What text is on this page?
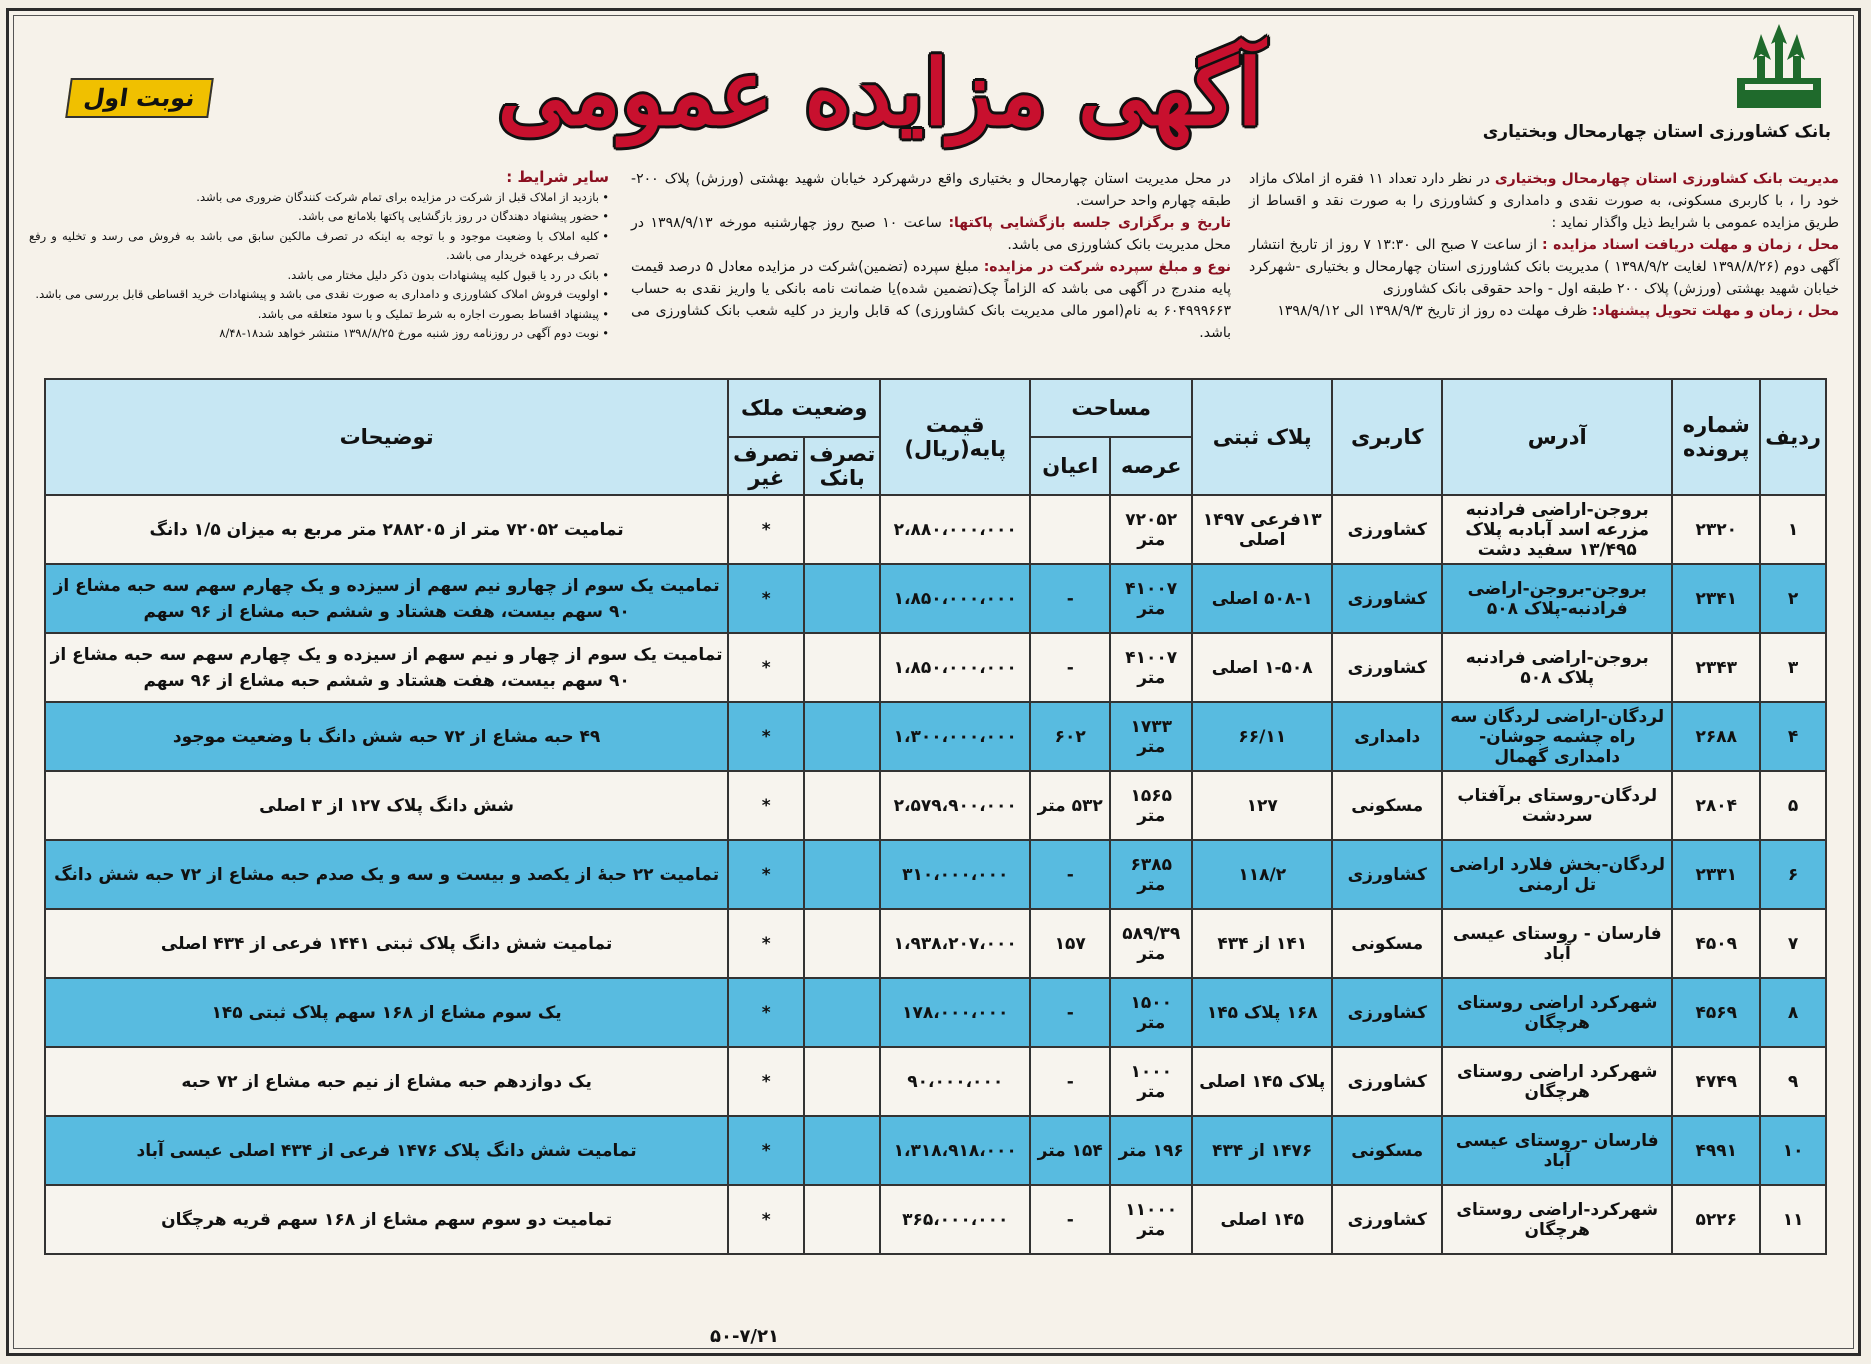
بانک کشاورزی استان چهارمحال وبختیاری
آگهی مزایده عمومی
نوبت اول
مدیریت بانک کشاورزی استان چهارمحال وبختیاری در نظر دارد تعداد ۱۱ فقره از املاک مازاد خود را ، با کاربری مسکونی، به صورت نقدی و دامداری و کشاورزی را به صورت نقد و اقساط از طریق مزایده عمومی با شرایط ذیل واگذار نماید :
محل ، زمان و مهلت دریافت اسناد مزایده : از ساعت ۷ صبح الی ۱۳:۳۰ ۷ روز از تاریخ انتشار آگهی دوم (۱۳۹۸/۸/۲۶ لغایت ۱۳۹۸/۹/۲ ) مدیریت بانک کشاورزی استان چهارمحال و بختیاری -شهرکرد خیابان شهید بهشتی (ورزش) پلاک ۲۰۰ طبقه اول - واحد حقوقی بانک کشاورزی
محل ، زمان و مهلت تحویل پیشنهاد: ظرف مهلت ده روز از تاریخ ۱۳۹۸/۹/۳ الی ۱۳۹۸/۹/۱۲
در محل مدیریت استان چهارمحال و بختیاری واقع درشهرکرد خیابان شهید بهشتی (ورزش) پلاک ۲۰۰- طبقه چهارم واحد حراست.
تاریخ و برگزاری جلسه بازگشایی پاکتها: ساعت ۱۰ صبح روز چهارشنبه مورخه ۱۳۹۸/۹/۱۳ در محل مدیریت بانک کشاورزی می باشد.
نوع و مبلغ سپرده شرکت در مزایده: مبلغ سپرده (تضمین)شرکت در مزایده معادل ۵ درصد قیمت پایه مندرج در آگهی می باشد که الزاماً چک(تضمین شده)یا ضمانت نامه بانکی یا واریز نقدی به حساب ۶۰۴۹۹۹۶۶۳ به نام(امور مالی مدیریت بانک کشاورزی) که قابل واریز در کلیه شعب بانک کشاورزی می باشد.
سایر شرایط :
• بازدید از املاک قبل از شرکت در مزایده برای تمام شرکت کنندگان ضروری می باشد.
• حضور پیشنهاد دهندگان در روز بازگشایی پاکتها بلامانع می باشد.
• کلیه املاک با وضعیت موجود و با توجه به اینکه در تصرف مالکین سابق می باشد به فروش می رسد و تخلیه و رفع تصرف برعهده خریدار می باشد.
• بانک در رد یا قبول کلیه پیشنهادات بدون ذکر دلیل مختار می باشد.
• اولویت فروش املاک کشاورزی و دامداری به صورت نقدی می باشد و پیشنهادات خرید اقساطی قابل بررسی می باشد.
• پیشنهاد اقساط بصورت اجاره به شرط تملیک و با سود متعلقه می باشد.
• نوبت دوم آگهی در روزنامه روز شنبه مورخ ۱۳۹۸/۸/۲۵ منتشر خواهد شد۱۸-۸/۴۸
ردیف	شماره پرونده	آدرس	کاربری	پلاک ثبتی	مساحت		قیمت پایه(ریال)	وضعیت ملک		توضیحات
					عرصه	اعیان		تصرف بانک	تصرف غیر	
۱	۲۳۲۰	بروجن-اراضی فرادنبه مزرعه اسد آبادبه پلاک ۱۳/۴۹۵ سفید دشت	کشاورزی	۱۳فرعی ۱۴۹۷ اصلی	۷۲۰۵۲ متر		۲،۸۸۰،۰۰۰،۰۰۰		*	تمامیت ۷۲۰۵۲ متر از ۲۸۸۲۰۵ متر مربع به میزان ۱/۵ دانگ
۲	۲۳۴۱	بروجن-بروجن-اراضی فرادنبه-پلاک ۵۰۸	کشاورزی	۵۰۸-۱ اصلی	۴۱۰۰۷ متر	-	۱،۸۵۰،۰۰۰،۰۰۰		*	تمامیت یک سوم از چهارو نیم سهم از سیزده و یک چهارم سهم سه حبه مشاع از ۹۰ سهم بیست، هفت هشتاد و ششم حبه مشاع از ۹۶ سهم
۳	۲۳۴۳	بروجن-اراضی فرادنبه پلاک ۵۰۸	کشاورزی	۱-۵۰۸ اصلی	۴۱۰۰۷ متر	-	۱،۸۵۰،۰۰۰،۰۰۰		*	تمامیت یک سوم از چهار و نیم سهم از سیزده و یک چهارم سهم سه حبه مشاع از ۹۰ سهم بیست، هفت هشتاد و ششم حبه مشاع از ۹۶ سهم
۴	۲۶۸۸	لردگان-اراضی لردگان سه راه چشمه جوشان-دامداری گهمال	دامداری	۶۶/۱۱	۱۷۳۳ متر	۶۰۲	۱،۳۰۰،۰۰۰،۰۰۰		*	۴۹ حبه مشاع از ۷۲ حبه شش دانگ با وضعیت موجود
۵	۲۸۰۴	لردگان-روستای برآفتاب سردشت	مسکونی	۱۲۷	۱۵۶۵ متر	۵۳۲ متر	۲،۵۷۹،۹۰۰،۰۰۰		*	شش دانگ پلاک ۱۲۷ از ۳ اصلی
۶	۲۳۳۱	لردگان-بخش فلارد اراضی تل ارمنی	کشاورزی	۱۱۸/۲	۶۳۸۵ متر	-	۳۱۰،۰۰۰،۰۰۰		*	تمامیت ۲۲ حبۀ از یکصد و بیست و سه و یک صدم حبه مشاع از ۷۲ حبه شش دانگ
۷	۴۵۰۹	فارسان - روستای عیسی آباد	مسکونی	۱۴۱ از ۴۳۴	۵۸۹/۳۹ متر	۱۵۷	۱،۹۳۸،۲۰۷،۰۰۰		*	تمامیت شش دانگ پلاک ثبتی ۱۴۴۱ فرعی از ۴۳۴ اصلی
۸	۴۵۶۹	شهرکرد اراضی روستای هرچگان	کشاورزی	۱۶۸ پلاک ۱۴۵	۱۵۰۰ متر	-	۱۷۸،۰۰۰،۰۰۰		*	یک سوم مشاع از ۱۶۸ سهم پلاک ثبتی ۱۴۵
۹	۴۷۴۹	شهرکرد اراضی روستای هرچگان	کشاورزی	پلاک ۱۴۵ اصلی	۱۰۰۰ متر	-	۹۰،۰۰۰،۰۰۰		*	یک دوازدهم حبه مشاع از نیم حبه مشاع از ۷۲ حبه
۱۰	۴۹۹۱	فارسان -روستای عیسی آباد	مسکونی	۱۴۷۶ از ۴۳۴	۱۹۶ متر	۱۵۴ متر	۱،۳۱۸،۹۱۸،۰۰۰		*	تمامیت شش دانگ پلاک ۱۴۷۶ فرعی از ۴۳۴ اصلی عیسی آباد
۱۱	۵۲۲۶	شهرکرد-اراضی روستای هرچگان	کشاورزی	۱۴۵ اصلی	۱۱۰۰۰ متر	-	۳۶۵،۰۰۰،۰۰۰		*	تمامیت دو سوم سهم مشاع از ۱۶۸ سهم قریه هرچگان
۵۰-۷/۲۱
